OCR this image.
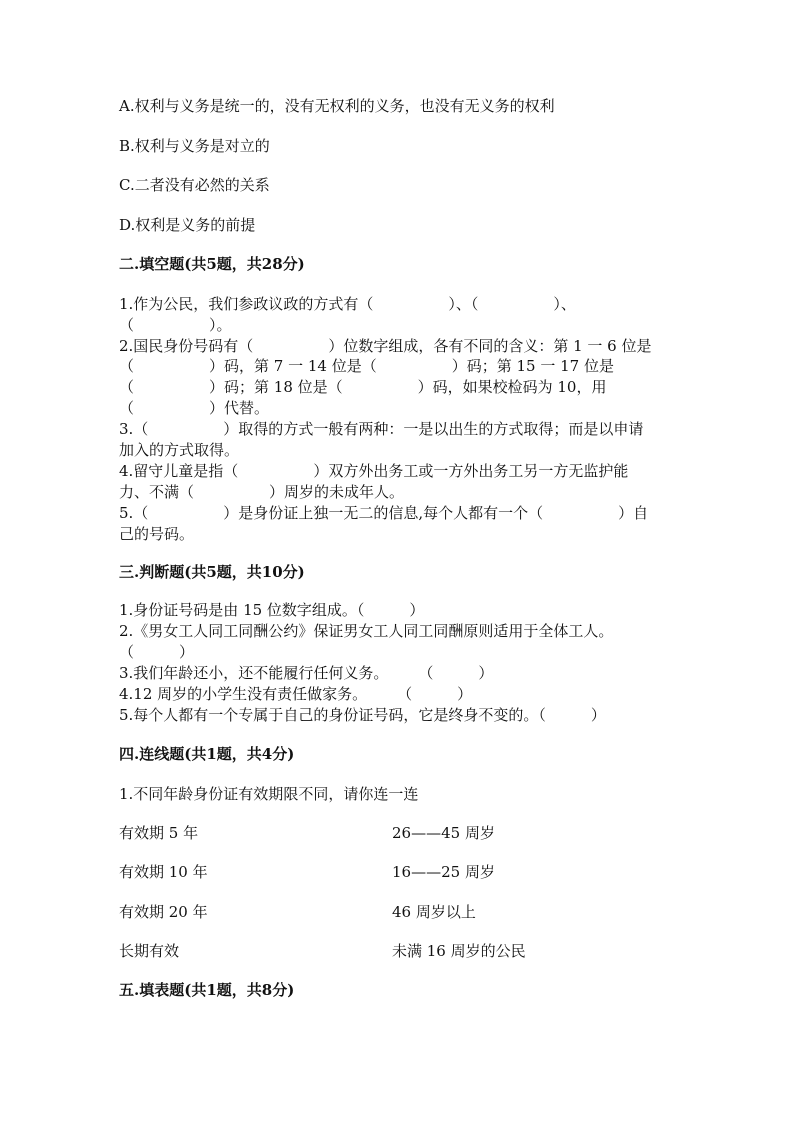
A.权利与义务是统一的，没有无权利的义务，也没有无义务的权利
B.权利与义务是对立的
C.二者没有必然的关系
D.权利是义务的前提
二.填空题(共5题，共28分)
1.作为公民，我们参政议政的方式有（　　　　　）、（　　　　　）、
（　　　　　）。
2.国民身份号码有（　　　　　）位数字组成，各有不同的含义：第 1 一 6 位是
（　　　　　）码，第 7 一 14 位是（　　　　　）码；第 15 一 17 位是
（　　　　　）码；第 18 位是（　　　　　）码，如果校检码为 10，用
（　　　　　）代替。
3.（　　　　　）取得的方式一般有两种：一是以出生的方式取得；而是以申请
加入的方式取得。
4.留守儿童是指（　　　　　）双方外出务工或一方外出务工另一方无监护能
力、不满（　　　　　）周岁的未成年人。
5.（　　　　　）是身份证上独一无二的信息,每个人都有一个（　　　　　）自
己的号码。
三.判断题(共5题，共10分)
1.身份证号码是由 15 位数字组成。（　　　）
2.《男女工人同工同酬公约》保证男女工人同工同酬原则适用于全体工人。
（　　　）
3.我们年龄还小，还不能履行任何义务。　　　（　　　）
4.12 周岁的小学生没有责任做家务。　　　（　　　）
5.每个人都有一个专属于自己的身份证号码，它是终身不变的。（　　　）
四.连线题(共1题，共4分)
1.不同年龄身份证有效期限不同，请你连一连
有效期 5 年	26——45 周岁
有效期 10 年	16——25 周岁
有效期 20 年	46 周岁以上
长期有效	未满 16 周岁的公民
五.填表题(共1题，共8分)
